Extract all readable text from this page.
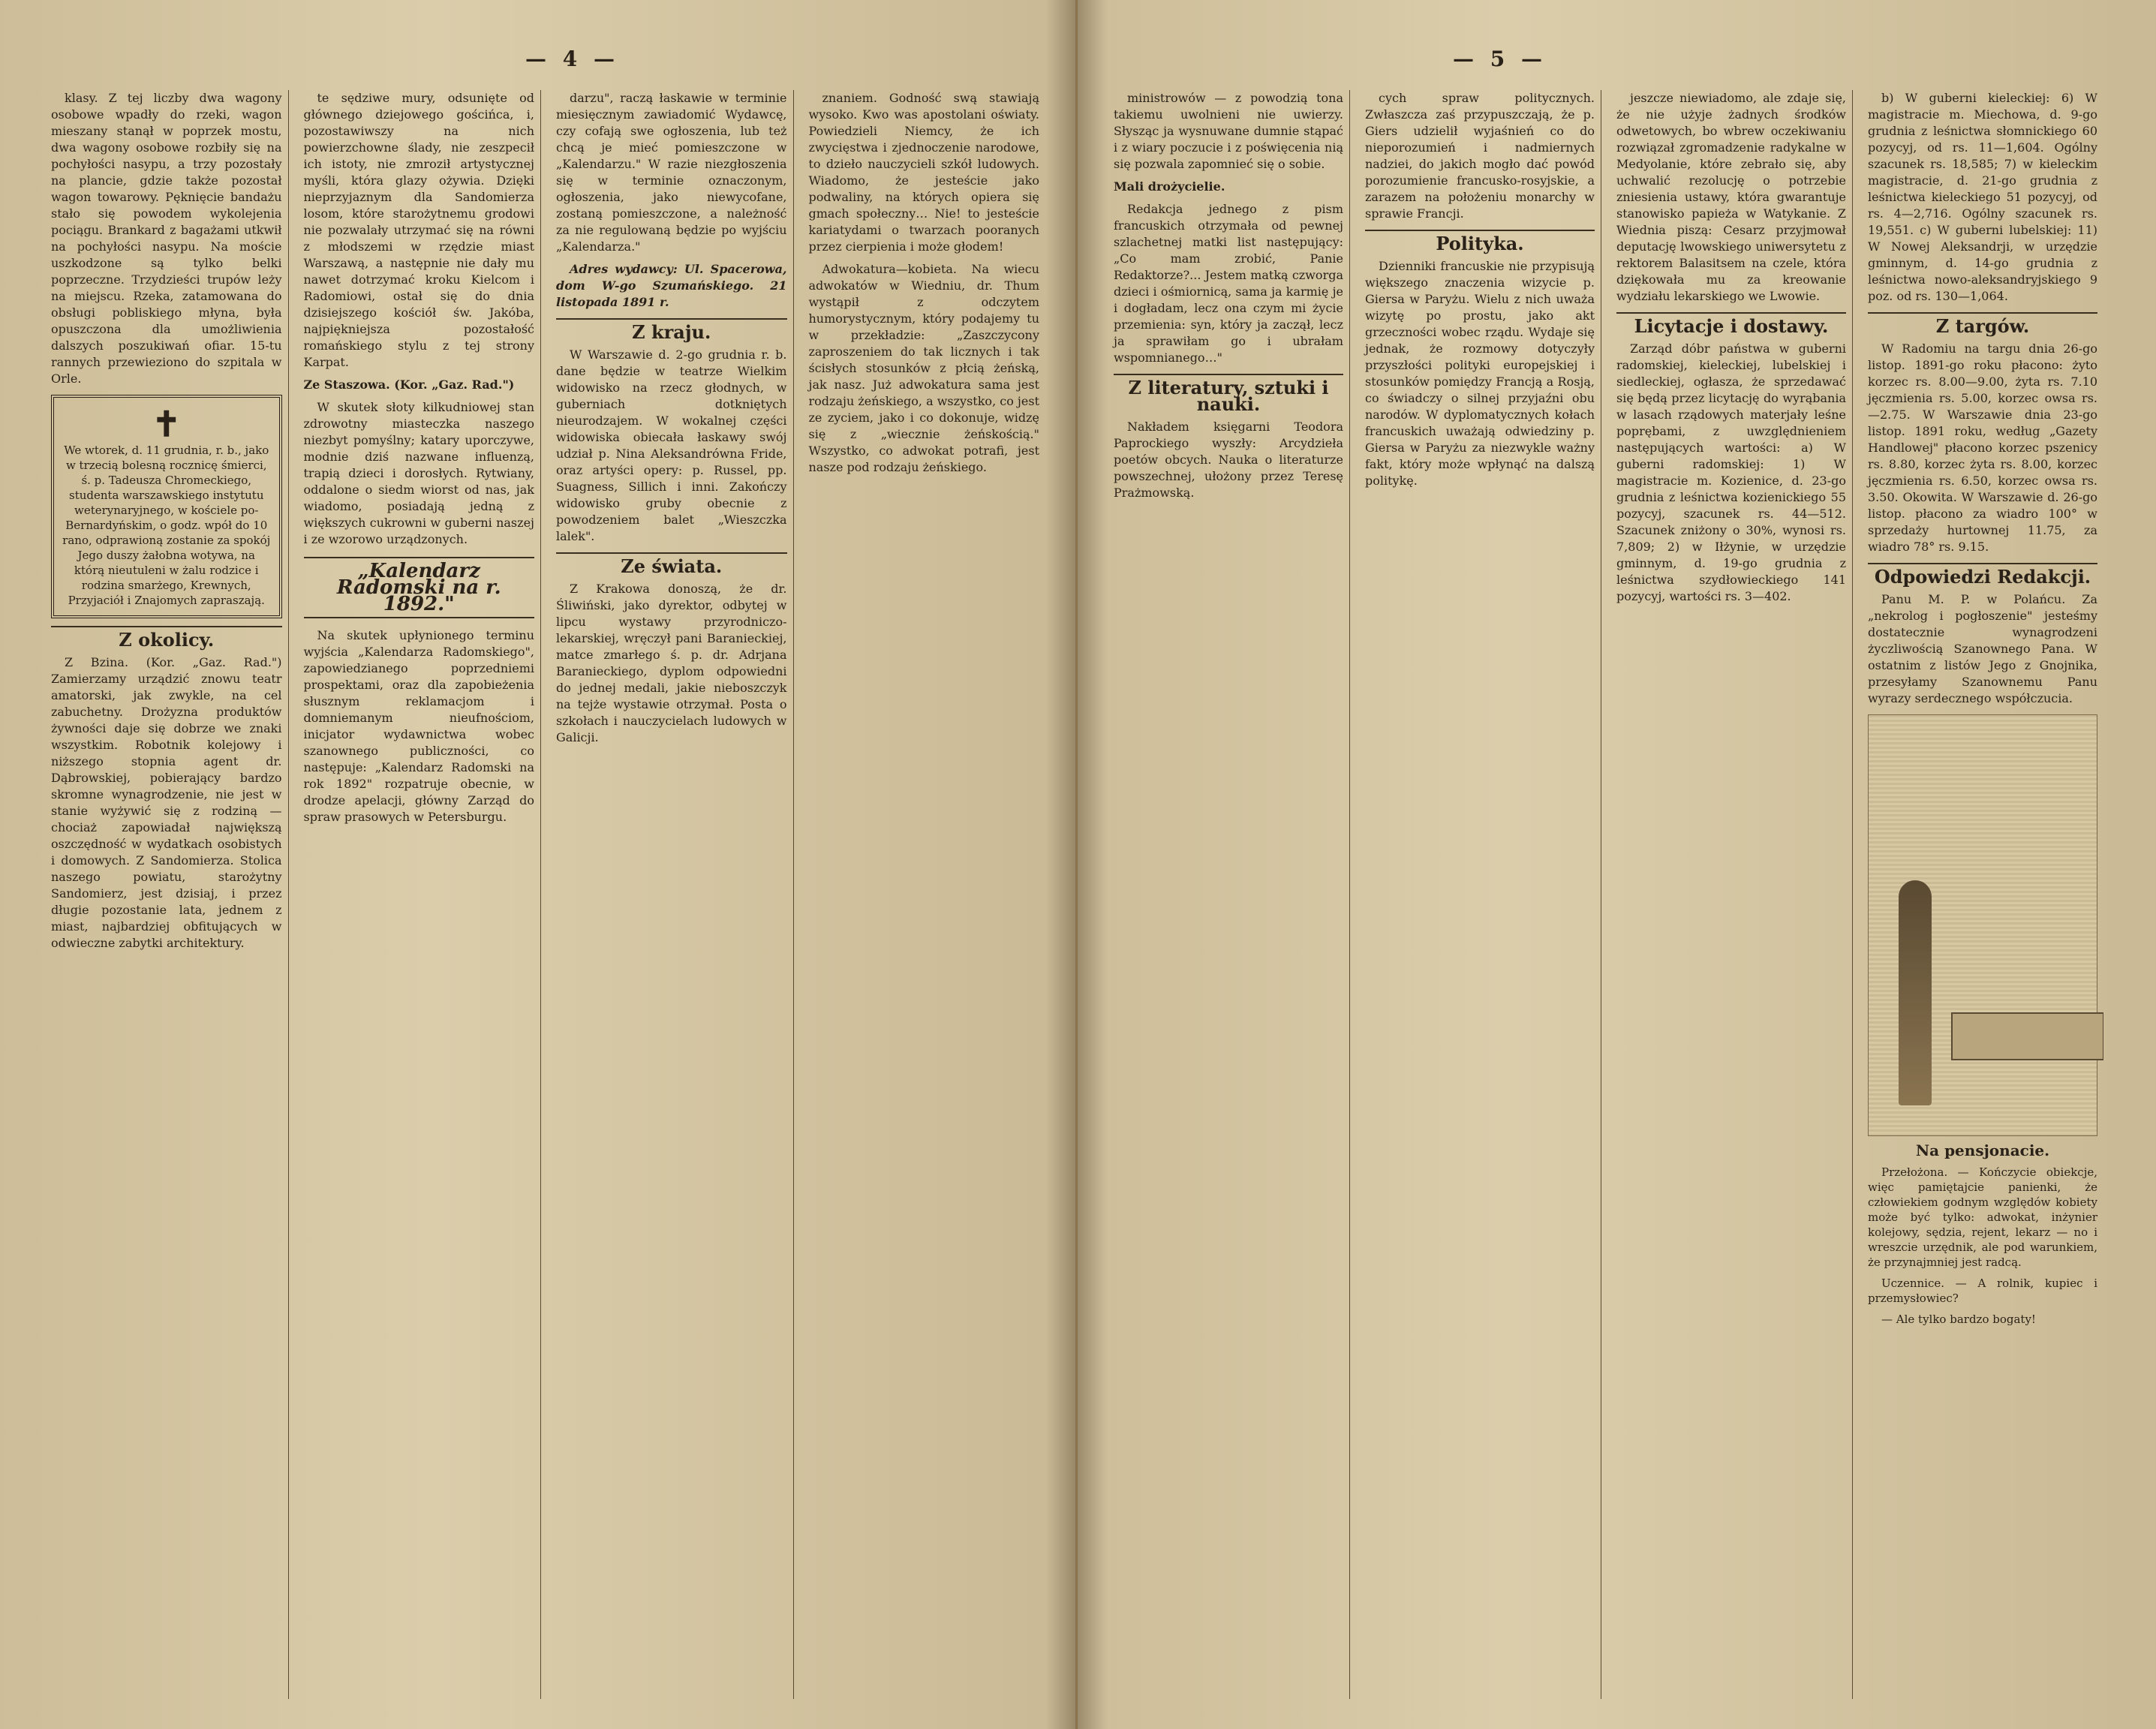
— 4 —

klasy. Z tej liczby dwa wagony osobowe wpadły do rzeki, wagon mieszany stanął w poprzek mostu, dwa wagony osobowe rozbiły się na pochyłości nasypu, a trzy pozostały na plancie, gdzie także pozostał wagon towarowy. Pęknięcie bandażu stało się powodem wykolejenia pociągu. Brankard z bagażami utkwił na pochyłości nasypu. Na moście uszkodzone są tylko belki poprzeczne. Trzydzieści trupów leży na miejscu. Rzeka, zatamowana do obsługi pobliskiego młyna, była opuszczona dla umożliwienia dalszych poszukiwań ofiar. 15-tu rannych przewieziono do szpitala w Orle.

✝
We wtorek, d. 11 grudnia, r. b., jako w trzecią bolesną rocznicę śmierci, ś. p. Tadeusza Chromeckiego, studenta warszawskiego instytutu weterynaryjnego, w kościele po-Bernardyńskim, o godz. wpół do 10 rano, odprawioną zostanie za spokój Jego duszy żałobna wotywa, na którą nieutuleni w żalu rodzice i rodzina smarżego, Krewnych, Przyjaciół i Znajomych zapraszają.
Z okolicy.

Z Bzina. (Kor. „Gaz. Rad.") Zamierzamy urządzić znowu teatr amatorski, jak zwykle, na cel zabuchetny. Drożyzna produktów żywności daje się dobrze we znaki wszystkim. Robotnik kolejowy i niższego stopnia agent dr. Dąbrowskiej, pobierający bardzo skromne wynagrodzenie, nie jest w stanie wyżywić się z rodziną — chociaż zapowiadał największą oszczędność w wydatkach osobistych i domowych. Z Sandomierza. Stolica naszego powiatu, starożytny Sandomierz, jest dzisiaj, i przez długie pozostanie lata, jednem z miast, najbardziej obfitujących w odwieczne zabytki architektury.

te sędziwe mury, odsunięte od głównego dziejowego gościńca, i, pozostawiwszy na nich powierzchowne ślady, nie zeszpecił ich istoty, nie zmroził artystycznej myśli, która glazy ożywia. Dzięki nieprzyjaznym dla Sandomierza losom, które starożytnemu grodowi nie pozwalały utrzymać się na równi z młodszemi w rzędzie miast Warszawą, a następnie nie dały mu nawet dotrzymać kroku Kielcom i Radomiowi, ostał się do dnia dzisiejszego kościół św. Jakóba, najpiękniejsza pozostałość romańskiego stylu z tej strony Karpat.

Ze Staszowa. (Kor. „Gaz. Rad.")

W skutek słoty kilkudniowej stan zdrowotny miasteczka naszego niezbyt pomyślny; katary uporczywe, modnie dziś nazwane influenzą, trapią dzieci i dorosłych. Rytwiany, oddalone o siedm wiorst od nas, jak wiadomo, posiadają jedną z większych cukrowni w guberni naszej i ze wzorowo urządzonych.

„Kalendarz Radomski na r. 1892."

Na skutek upłynionego terminu wyjścia „Kalendarza Radomskiego", zapowiedzianego poprzedniemi prospektami, oraz dla zapobieżenia słusznym reklamacjom i domniemanym nieufnościom, inicjator wydawnictwa wobec szanownego publiczności, co następuje: „Kalendarz Radomski na rok 1892" rozpatruje obecnie, w drodze apelacji, główny Zarząd do spraw prasowych w Petersburgu.

darzu", raczą łaskawie w terminie miesięcznym zawiadomić Wydawcę, czy cofają swe ogłoszenia, lub też chcą je mieć pomieszczone w „Kalendarzu." W razie niezgłoszenia się w terminie oznaczonym, ogłoszenia, jako niewycofane, zostaną pomieszczone, a należność za nie regulowaną będzie po wyjściu „Kalendarza."

Adres wydawcy: Ul. Spacerowa, dom W-go Szumańskiego. 21 listopada 1891 r.

Z kraju.

W Warszawie d. 2-go grudnia r. b. dane będzie w teatrze Wielkim widowisko na rzecz głodnych, w guberniach dotkniętych nieurodzajem. W wokalnej części widowiska obiecała łaskawy swój udział p. Nina Aleksandrówna Fride, oraz artyści opery: p. Russel, pp. Suagness, Sillich i inni. Zakończy widowisko gruby obecnie z powodzeniem balet „Wieszczka lalek".

Ze świata.

Z Krakowa donoszą, że dr. Śliwiński, jako dyrektor, odbytej w lipcu wystawy przyrodniczo-lekarskiej, wręczył pani Baranieckiej, matce zmarłego ś. p. dr. Adrjana Baranieckiego, dyplom odpowiedni do jednej medali, jakie nieboszczyk na tejże wystawie otrzymał. Posta o szkołach i nauczycielach ludowych w Galicji.

znaniem. Godność swą stawiają wysoko. Kwo was apostolani oświaty. Powiedzieli Niemcy, że ich zwycięstwa i zjednoczenie narodowe, to dzieło nauczycieli szkół ludowych. Wiadomo, że jesteście jako podwaliny, na których opiera się gmach społeczny… Nie! to jesteście kariatydami o twarzach pooranych przez cierpienia i może głodem!

Adwokatura—kobieta. Na wiecu adwokatów w Wiedniu, dr. Thum wystąpił z odczytem humorystycznym, który podajemy tu w przekładzie: „Zaszczycony zaproszeniem do tak licznych i tak ścisłych stosunków z płcią żeńską, jak nasz. Już adwokatura sama jest rodzaju żeńskiego, a wszystko, co jest ze zyciem, jako i co dokonuje, widzę się z „wiecznie żeńskością." Wszystko, co adwokat potrafi, jest nasze pod rodzaju żeńskiego.

— 5 —

ministrowów — z powodzią tona takiemu uwolnieni nie uwierzy. Słysząc ja wysnuwane dumnie stąpać i z wiary poczucie i z poświęcenia nią się pozwala zapomnieć się o sobie.

Mali drożycielie.

Redakcja jednego z pism francuskich otrzymała od pewnej szlachetnej matki list następujący: „Co mam zrobić, Panie Redaktorze?... Jestem matką czworga dzieci i ośmiornicą, sama ja karmię je i dogładam, lecz ona czym mi życie przemienia: syn, który ja zaczął, lecz ja sprawiłam go i ubrałam wspomnianego…"

Z literatury, sztuki i nauki.

Nakładem księgarni Teodora Paprockiego wyszły: Arcydzieła poetów obcych. Nauka o literaturze powszechnej, ułożony przez Teresę Prażmowską.

cych spraw politycznych. Zwłaszcza zaś przypuszczają, że p. Giers udzielił wyjaśnień co do nieporozumień i nadmiernych nadziei, do jakich mogło dać powód porozumienie francusko-rosyjskie, a zarazem na położeniu monarchy w sprawie Francji.

Polityka.

Dzienniki francuskie nie przypisują większego znaczenia wizycie p. Giersa w Paryżu. Wielu z nich uważa wizytę po prostu, jako akt grzeczności wobec rządu. Wydaje się jednak, że rozmowy dotyczyły przyszłości polityki europejskiej i stosunków pomiędzy Francją a Rosją, co świadczy o silnej przyjaźni obu narodów. W dyplomatycznych kołach francuskich uważają odwiedziny p. Giersa w Paryżu za niezwykle ważny fakt, który może wpłynąć na dalszą politykę.

jeszcze niewiadomo, ale zdaje się, że nie użyje żadnych środków odwetowych, bo wbrew oczekiwaniu rozwiązał zgromadzenie radykalne w Medyolanie, które zebrało się, aby uchwalić rezolucję o potrzebie zniesienia ustawy, która gwarantuje stanowisko papieża w Watykanie. Z Wiednia piszą: Cesarz przyjmował deputację lwowskiego uniwersytetu z rektorem Balasitsem na czele, która dziękowała mu za kreowanie wydziału lekarskiego we Lwowie.

Licytacje i dostawy.

Zarząd dóbr państwa w guberni radomskiej, kieleckiej, lubelskiej i siedleckiej, ogłasza, że sprzedawać się będą przez licytację do wyrąbania w lasach rządowych materjały leśne poprębami, z uwzględnieniem następujących wartości: a) W guberni radomskiej: 1) W magistracie m. Kozienice, d. 23-go grudnia z leśnictwa kozienickiego 55 pozycyj, szacunek rs. 44—512. Szacunek zniżony o 30%, wynosi rs. 7,809; 2) w Iłżynie, w urzędzie gminnym, d. 19-go grudnia z leśnictwa szydłowieckiego 141 pozycyj, wartości rs. 3—402.

b) W guberni kieleckiej: 6) W magistracie m. Miechowa, d. 9-go grudnia z leśnictwa słomnickiego 60 pozycyj, od rs. 11—1,604. Ogólny szacunek rs. 18,585; 7) w kieleckim magistracie, d. 21-go grudnia z leśnictwa kieleckiego 51 pozycyj, od rs. 4—2,716. Ogólny szacunek rs. 19,551. c) W guberni lubelskiej: 11) W Nowej Aleksandrji, w urzędzie gminnym, d. 14-go grudnia z leśnictwa nowo-aleksandryjskiego 9 poz. od rs. 130—1,064.

Z targów.

W Radomiu na targu dnia 26-go listop. 1891-go roku płacono: żyto korzec rs. 8.00—9.00, żyta rs. 7.10 jęczmienia rs. 5.00, korzec owsa rs. —2.75. W Warszawie dnia 23-go listop. 1891 roku, według „Gazety Handlowej" płacono korzec pszenicy rs. 8.80, korzec żyta rs. 8.00, korzec jęczmienia rs. 6.50, korzec owsa rs. 3.50. Okowita. W Warszawie d. 26-go listop. płacono za wiadro 100° w sprzedaży hurtownej 11.75, za wiadro 78° rs. 9.15.

Odpowiedzi Redakcji.

Panu M. P. w Polańcu. Za „nekrolog i pogłoszenie" jesteśmy dostatecznie wynagrodzeni życzliwością Szanownego Pana. W ostatnim z listów Jego z Gnojnika, przesyłamy Szanownemu Panu wyrazy serdecznego współczucia.

Na pensjonacie.

Przełożona. — Kończycie obiekcje, więc pamiętajcie panienki, że człowiekiem godnym względów kobiety może być tylko: adwokat, inżynier kolejowy, sędzia, rejent, lekarz — no i wreszcie urzędnik, ale pod warunkiem, że przynajmniej jest radcą.

Uczennice. — A rolnik, kupiec i przemysłowiec?

— Ale tylko bardzo bogaty!
